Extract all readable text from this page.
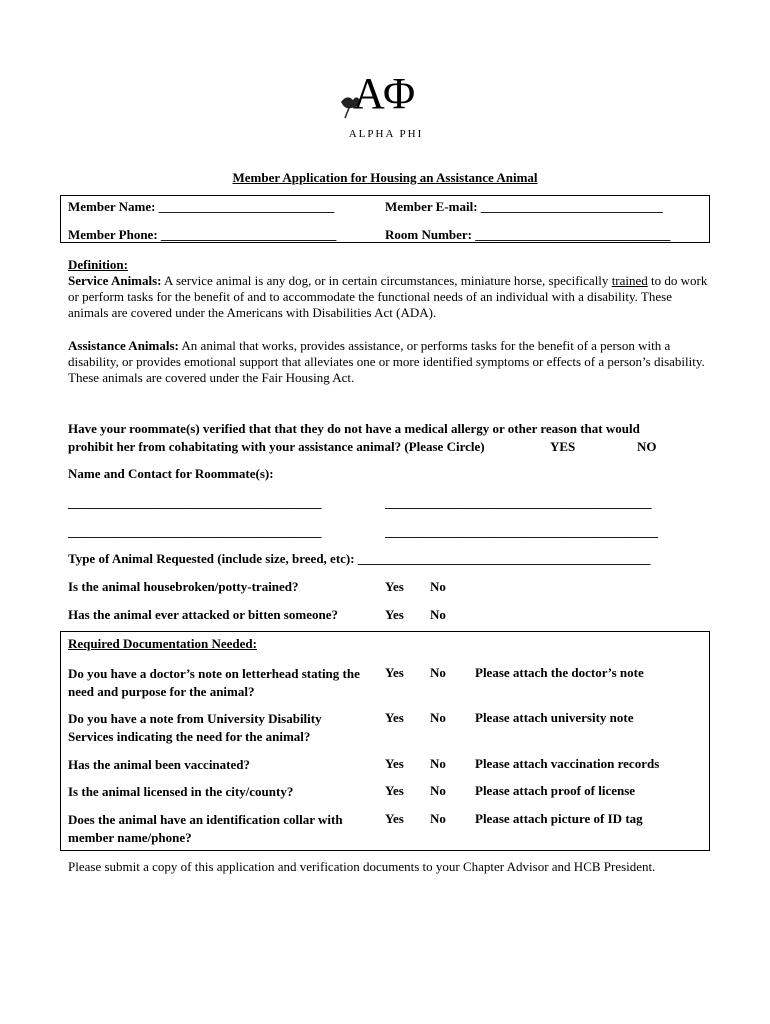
ΑΦ
ALPHA PHI
Member Application for Housing an Assistance Animal
Member Name: ___________________________	Member E-mail: ____________________________
Member Phone: ___________________________	Room Number: ______________________________
Definition:
Service Animals: A service animal is any dog, or in certain circumstances, miniature horse, specifically trained to do work or perform tasks for the benefit of and to accommodate the functional needs of an individual with a disability. These animals are covered under the Americans with Disabilities Act (ADA).
Assistance Animals: An animal that works, provides assistance, or performs tasks for the benefit of a person with a disability, or provides emotional support that alleviates one or more identified symptoms or effects of a person’s disability. These animals are covered under the Fair Housing Act.
Have your roommate(s) verified that that they do not have a medical allergy or other reason that would
prohibit her from cohabitating with your assistance animal? (Please Circle)	YES	NO
Name and Contact for Roommate(s):
_______________________________________	_________________________________________
_______________________________________	__________________________________________
Type of Animal Requested (include size, breed, etc): _____________________________________________
Is the animal housebroken/potty-trained?	Yes No
Has the animal ever attacked or bitten someone?	Yes No
Required Documentation Needed:
Do you have a doctor’s note on letterhead stating the need and purpose for the animal?
Yes No Please attach the doctor’s note
Do you have a note from University Disability Services indicating the need for the animal?
Yes No Please attach university note
Has the animal been vaccinated?	Yes No Please attach vaccination records
Is the animal licensed in the city/county?	Yes No Please attach proof of license
Does the animal have an identification collar with member name/phone?
Yes No Please attach picture of ID tag
Please submit a copy of this application and verification documents to your Chapter Advisor and HCB President.
